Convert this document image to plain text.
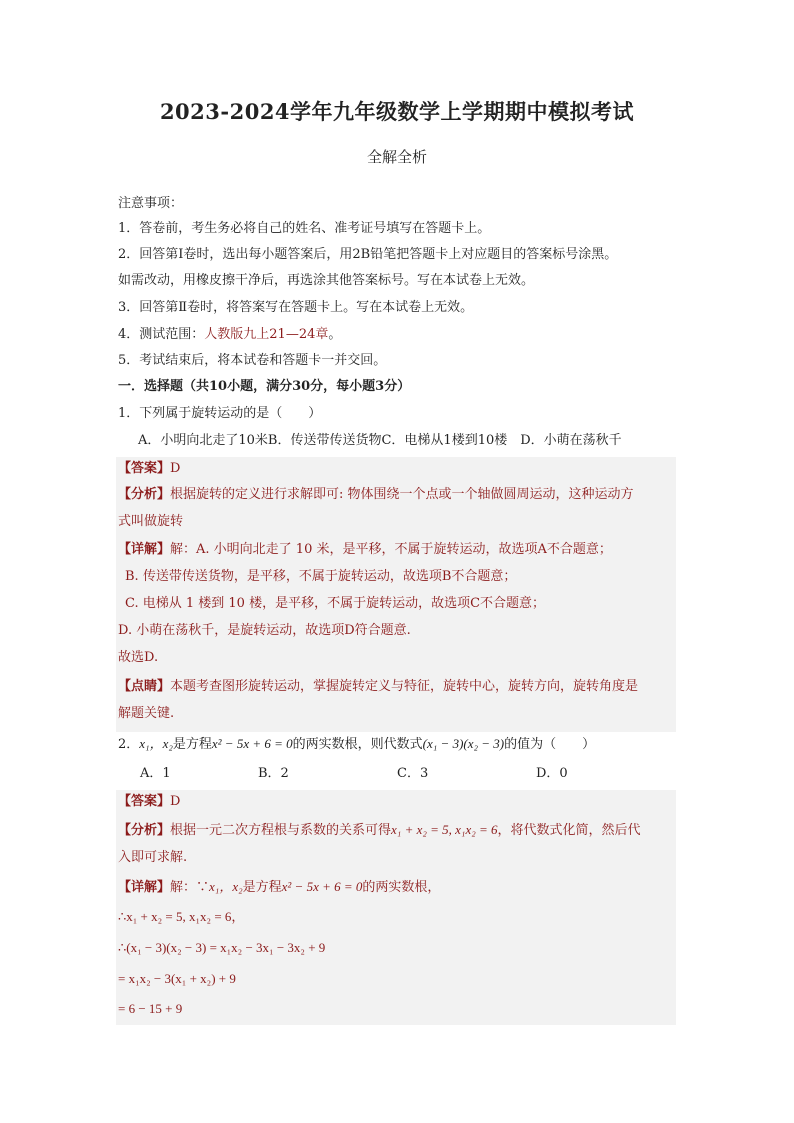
2023-2024学年九年级数学上学期期中模拟考试
全解全析
注意事项：
1．答卷前，考生务必将自己的姓名、准考证号填写在答题卡上。
2．回答第Ⅰ卷时，选出每小题答案后，用2B铅笔把答题卡上对应题目的答案标号涂黑。
如需改动，用橡皮擦干净后，再选涂其他答案标号。写在本试卷上无效。
3．回答第Ⅱ卷时，将答案写在答题卡上。写在本试卷上无效。
4．测试范围：人教版九上21—24章。
5．考试结束后，将本试卷和答题卡一并交回。
一．选择题（共10小题，满分30分，每小题3分）
1．下列属于旋转运动的是（　　）
A．小明向北走了10米B．传送带传送货物C．电梯从1楼到10楼　D．小萌在荡秋千
【答案】D
【分析】根据旋转的定义进行求解即可: 物体围绕一个点或一个轴做圆周运动，这种运动方
式叫做旋转
【详解】解：A. 小明向北走了 10 米，是平移，不属于旋转运动，故选项A不合题意；
B. 传送带传送货物，是平移，不属于旋转运动，故选项B不合题意；
C. 电梯从 1 楼到 10 楼，是平移，不属于旋转运动，故选项C不合题意；
D. 小萌在荡秋千，是旋转运动，故选项D符合题意.
故选D.
【点睛】本题考查图形旋转运动，掌握旋转定义与特征，旋转中心，旋转方向，旋转角度是
解题关键.
2．x₁，x₂是方程x² − 5x + 6 = 0的两实数根，则代数式(x₁ − 3)(x₂ − 3)的值为（　　）
A．1	B．2	C．3	D．0
【答案】D
【分析】根据一元二次方程根与系数的关系可得x₁ + x₂ = 5, x₁x₂ = 6，将代数式化简，然后代
入即可求解.
【详解】解：∵x₁，x₂是方程x² − 5x + 6 = 0的两实数根，
∴x₁ + x₂ = 5, x₁x₂ = 6，
∴(x₁ − 3)(x₂ − 3) = x₁x₂ − 3x₁ − 3x₂ + 9
= x₁x₂ − 3(x₁ + x₂) + 9
= 6 − 15 + 9
